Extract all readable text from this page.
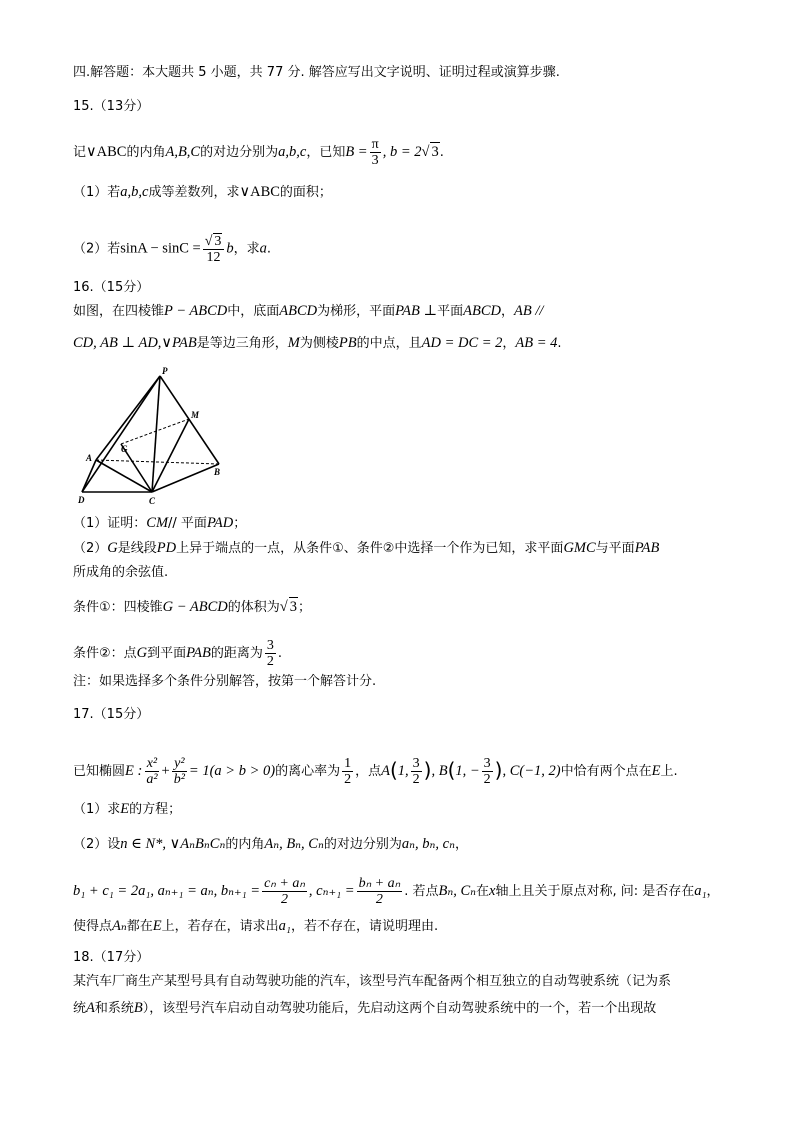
四.解答题：本大题共 5 小题，共 77 分. 解答应写出文字说明、证明过程或演算步骤.
15.（13分）
记∨ABC的内角A,B,C的对边分别为a,b,c，已知$B = \frac{\pi}{3}$ , b = 2√ 3.
（1）若a,b,c成等差数列，求∨ABC的面积；
（2）若$\sin A - \sin C = \frac{√ 3}{12}$ b，求a.
16.（15分）
如图，在四棱锥P − ABCD中，底面ABCD为梯形，平面PAB ⊥平面ABCD，AB //
CD, AB ⊥ AD,∨PAB是等边三角形，M为侧棱PB的中点，且AD = DC = 2，AB = 4.
P
M
G
A
B
D	C
（1）证明：CM// 平面PAD；
（2）G是线段PD上异于端点的一点，从条件①、条件②中选择一个作为已知，求平面GMC与平面PAB
所成角的余弦值.
条件①：四棱锥G − ABCD的体积为√ 3；
条件②：点G到平面PAB的距离为 $\frac{3}{2}$ .
注：如果选择多个条件分别解答，按第一个解答计分.
17.（15分）
已知椭圆E : $\frac{\text{x²}}{\text{a²}} + \frac{\text{y²}}{\text{b²}} = 1(a > b > 0)$的离心率为 $\frac{1}{2}$ ，点A(1, $\frac{3}{2}$ ), B(1, − $\frac{3}{2}$ ), C(−1, 2)中恰有两个点在E上.
（1）求E的方程；
（2）设n ∈ N*, ∨AₙBₙCₙ的内角Aₙ, Bₙ, Cₙ的对边分别为aₙ, bₙ, cₙ，
b₁ + c₁ = 2a₁, aₙ₊₁ = aₙ, $b_{n+1} = \frac{\text{cₙ + aₙ}}{2}$ , $c_{n+1} = \frac{\text{bₙ + aₙ}}{2}$ . 若点Bₙ, Cₙ在x轴上且关于原点对称, 问: 是否存在a₁，
使得点Aₙ都在E上，若存在，请求出a₁，若不存在，请说明理由.
18.（17分）
某汽车厂商生产某型号具有自动驾驶功能的汽车，该型号汽车配备两个相互独立的自动驾驶系统（记为系
统A和系统B），该型号汽车启动自动驾驶功能后，先启动这两个自动驾驶系统中的一个，若一个出现故
